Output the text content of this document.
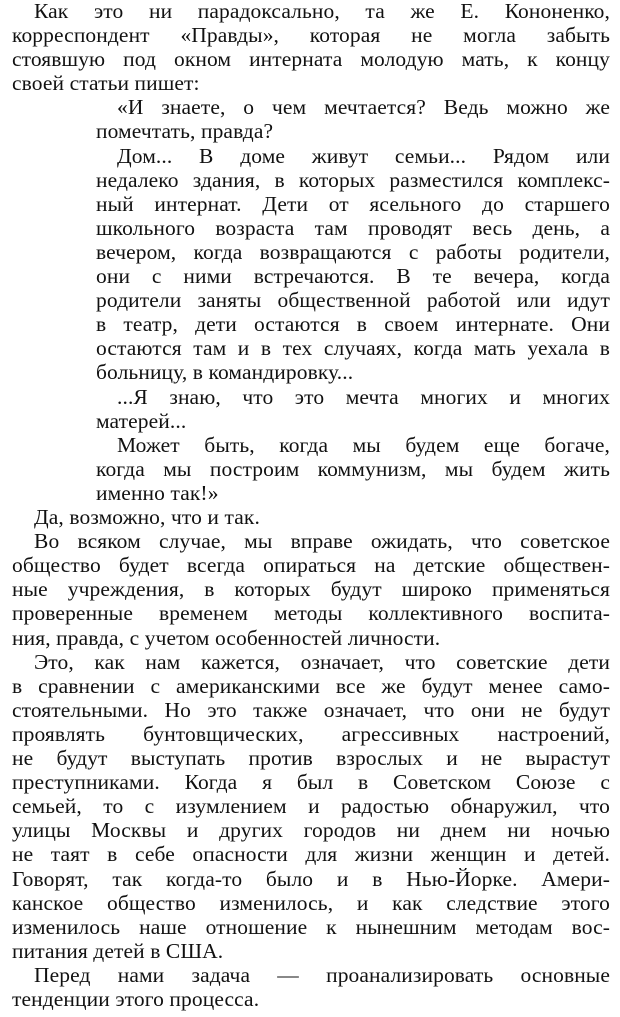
Как это ни парадоксально, та же Е. Кононенко,
корреспондент «Правды», которая не могла забыть
стоявшую под окном интерната молодую мать, к концу
своей статьи пишет:
«И знаете, о чем мечтается? Ведь можно же
помечтать, правда?
Дом... В доме живут семьи... Рядом или
недалеко здания, в которых разместился комплекс-
ный интернат. Дети от ясельного до старшего
школьного возраста там проводят весь день, а
вечером, когда возвращаются с работы родители,
они с ними встречаются. В те вечера, когда
родители заняты общественной работой или идут
в театр, дети остаются в своем интернате. Они
остаются там и в тех случаях, когда мать уехала в
больницу, в командировку...
...Я знаю, что это мечта многих и многих
матерей...
Может быть, когда мы будем еще богаче,
когда мы построим коммунизм, мы будем жить
именно так!»
Да, возможно, что и так.
Во всяком случае, мы вправе ожидать, что советское
общество будет всегда опираться на детские обществен-
ные учреждения, в которых будут широко применяться
проверенные временем методы коллективного воспита-
ния, правда, с учетом особенностей личности.
Это, как нам кажется, означает, что советские дети
в сравнении с американскими все же будут менее само-
стоятельными. Но это также означает, что они не будут
проявлять бунтовщических, агрессивных настроений,
не будут выступать против взрослых и не вырастут
преступниками. Когда я был в Советском Союзе с
семьей, то с изумлением и радостью обнаружил, что
улицы Москвы и других городов ни днем ни ночью
не таят в себе опасности для жизни женщин и детей.
Говорят, так когда-то было и в Нью-Йорке. Амери-
канское общество изменилось, и как следствие этого
изменилось наше отношение к нынешним методам вос-
питания детей в США.
Перед нами задача — проанализировать основные
тенденции этого процесса.
